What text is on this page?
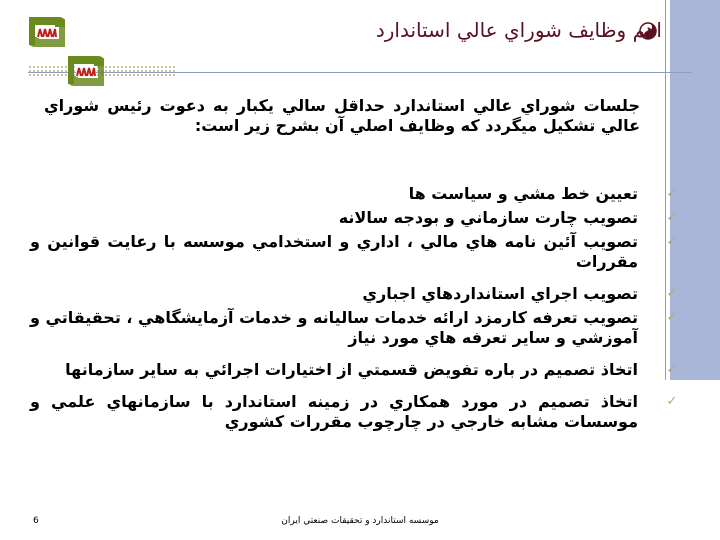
اهم وظايف شوراي عالي استاندارد
جلسات شوراي عالي استاندارد حداقل سالي يكبار به دعوت رئيس شوراي عالي تشكيل ميگردد كه وظايف اصلي آن بشرح زير است:
✓
تعيين خط مشي و سياست ها
✓
تصويب چارت سازماني و بودجه سالانه
✓
تصويب آئين نامه هاي مالي ، اداري و استخدامي موسسه با رعايت قوانين و مقررات
✓
تصويب اجراي استانداردهاي اجباري
✓
تصويب تعرفه كارمزد ارائه خدمات ساليانه و خدمات آزمايشگاهي ، تحقيقاتي و آموزشي و ساير تعرفه هاي مورد نياز
✓
اتخاذ تصميم در باره تفويض قسمتي از اختيارات اجرائي به ساير سازمانها
✓
اتخاذ تصميم در مورد همكاري در زمينه استاندارد با سازمانهاي علمي و موسسات مشابه خارجي در چارچوب مقررات كشوري
6	موسسه استاندارد و تحقيقات صنعتي ايران
